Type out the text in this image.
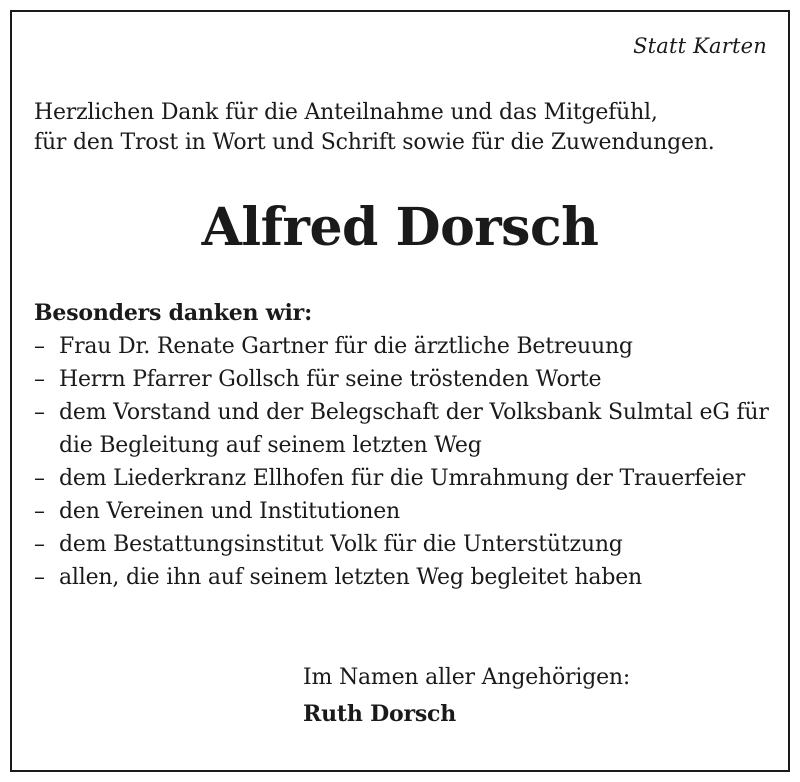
Statt Karten
Herzlichen Dank für die Anteilnahme und das Mitgefühl,
für den Trost in Wort und Schrift sowie für die Zuwendungen.
Alfred Dorsch
Besonders danken wir:
– Frau Dr. Renate Gartner für die ärztliche Betreuung
– Herrn Pfarrer Gollsch für seine tröstenden Worte
– dem Vorstand und der Belegschaft der Volksbank Sulmtal eG für die Begleitung auf seinem letzten Weg
– dem Liederkranz Ellhofen für die Umrahmung der Trauerfeier
– den Vereinen und Institutionen
– dem Bestattungsinstitut Volk für die Unterstützung
– allen, die ihn auf seinem letzten Weg begleitet haben
Im Namen aller Angehörigen:
Ruth Dorsch
